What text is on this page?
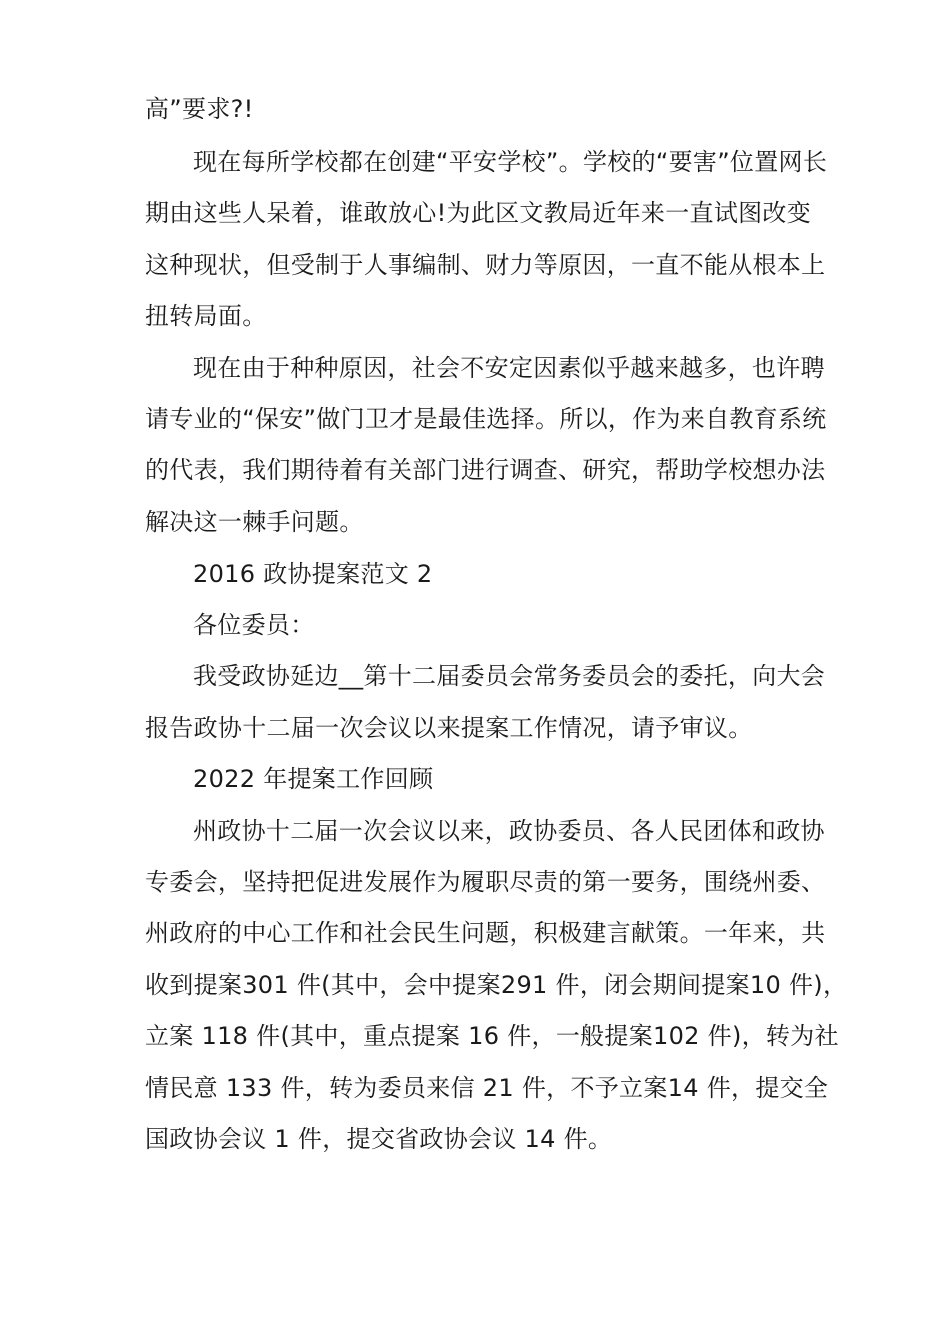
高”要求?!
现在每所学校都在创建“平安学校”。学校的“要害”位置网长
期由这些人呆着，谁敢放心!为此区文教局近年来一直试图改变
这种现状，但受制于人事编制、财力等原因，一直不能从根本上
扭转局面。
现在由于种种原因，社会不安定因素似乎越来越多，也许聘
请专业的“保安”做门卫才是最佳选择。所以，作为来自教育系统
的代表，我们期待着有关部门进行调查、研究，帮助学校想办法
解决这一棘手问题。
2016 政协提案范文 2
各位委员：
我受政协延边__第十二届委员会常务委员会的委托，向大会
报告政协十二届一次会议以来提案工作情况，请予审议。
2022 年提案工作回顾
州政协十二届一次会议以来，政协委员、各人民团体和政协
专委会，坚持把促进发展作为履职尽责的第一要务，围绕州委、
州政府的中心工作和社会民生问题，积极建言献策。一年来，共
收到提案301 件(其中，会中提案291 件，闭会期间提案10 件)，
立案 118 件(其中，重点提案 16 件，一般提案102 件)，转为社
情民意 133 件，转为委员来信 21 件，不予立案14 件，提交全
国政协会议 1 件，提交省政协会议 14 件。
